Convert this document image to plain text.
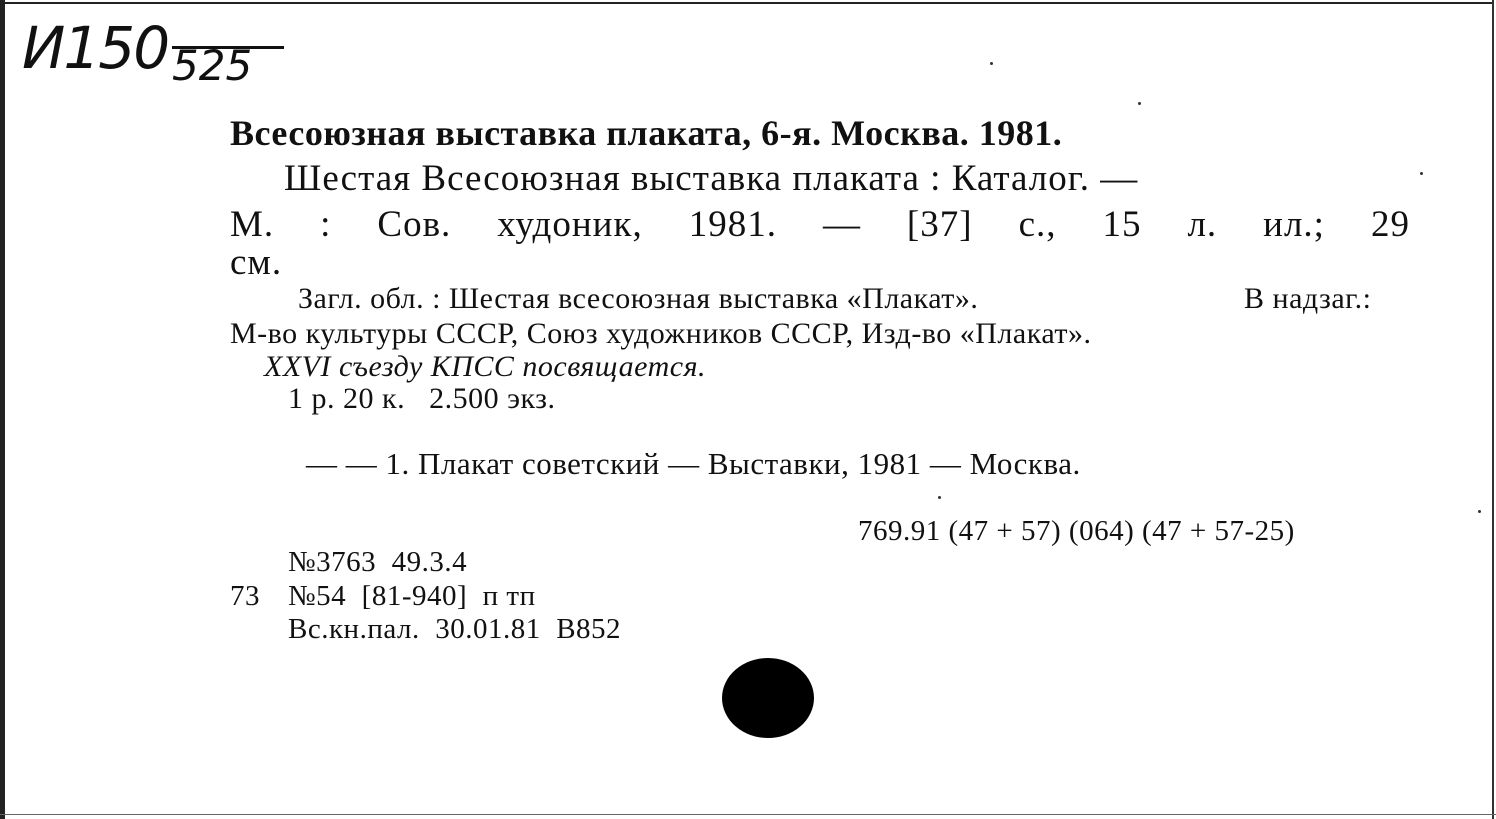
И150 525
Всесоюзная выставка плаката, 6-я. Москва. 1981.
Шестая Всесоюзная выставка плаката : Каталог. —
М. : Сов. худоник, 1981. — [37] с., 15 л. ил.; 29
см.
Загл. обл. : Шестая всесоюзная выставка «Плакат».	В надзаг.:
М-во культуры СССР, Союз художников СССР, Изд-во «Плакат».
XXVI съезду КПСС посвящается.
1 р. 20 к.   2.500 экз.
— — 1. Плакат советский — Выставки, 1981 — Москва.
769.91 (47 + 57) (064) (47 + 57-25)
№3763  49.3.4
73 №54  [81-940]  п тп
Вс.кн.пал.  30.01.81  В852
